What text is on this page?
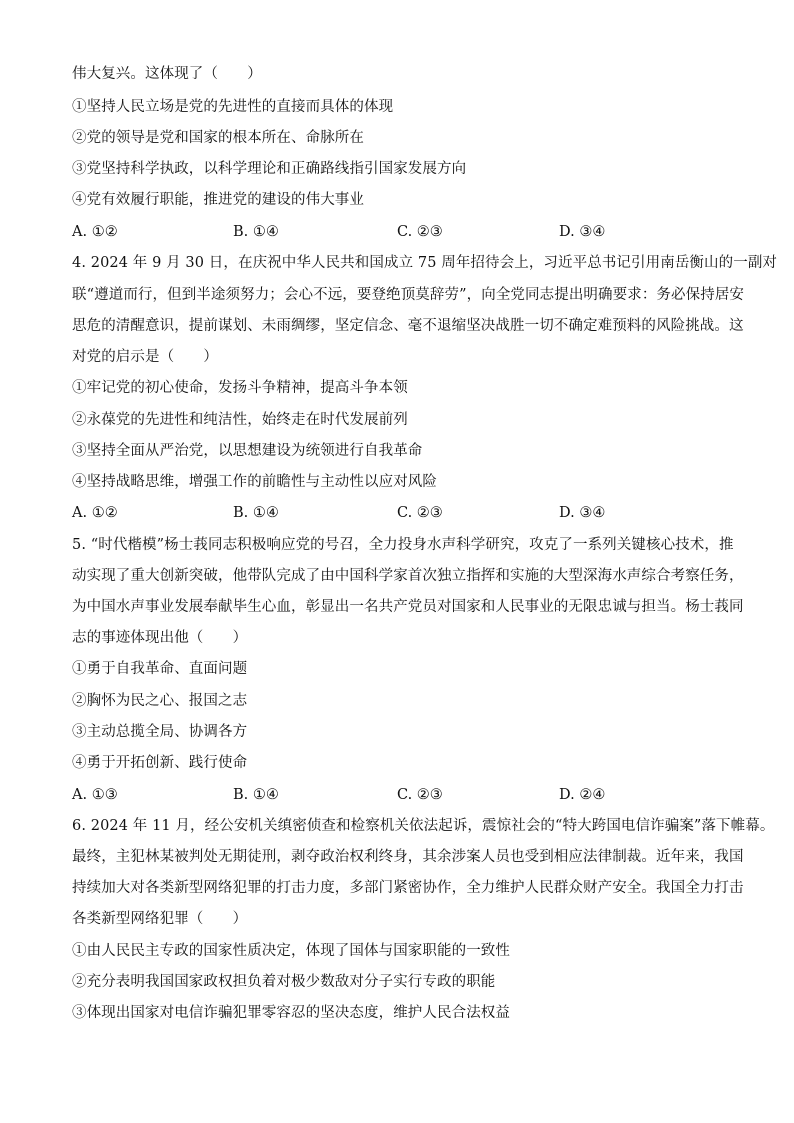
伟大复兴。这体现了（　　）
①坚持人民立场是党的先进性的直接而具体的体现
②党的领导是党和国家的根本所在、命脉所在
③党坚持科学执政，以科学理论和正确路线指引国家发展方向
④党有效履行职能，推进党的建设的伟大事业
A. ①②	B. ①④	C. ②③	D. ③④
4. 2024 年 9 月 30 日，在庆祝中华人民共和国成立 75 周年招待会上，习近平总书记引用南岳衡山的一副对
联“遵道而行，但到半途须努力；会心不远，要登绝顶莫辞劳”，向全党同志提出明确要求：务必保持居安
思危的清醒意识，提前谋划、未雨绸缪，坚定信念、毫不退缩坚决战胜一切不确定难预料的风险挑战。这
对党的启示是（　　）
①牢记党的初心使命，发扬斗争精神，提高斗争本领
②永葆党的先进性和纯洁性，始终走在时代发展前列
③坚持全面从严治党，以思想建设为统领进行自我革命
④坚持战略思维，增强工作的前瞻性与主动性以应对风险
A. ①②	B. ①④	C. ②③	D. ③④
5. “时代楷模”杨士莪同志积极响应党的号召，全力投身水声科学研究，攻克了一系列关键核心技术，推
动实现了重大创新突破，他带队完成了由中国科学家首次独立指挥和实施的大型深海水声综合考察任务，
为中国水声事业发展奉献毕生心血，彰显出一名共产党员对国家和人民事业的无限忠诚与担当。杨士莪同
志的事迹体现出他（　　）
①勇于自我革命、直面问题
②胸怀为民之心、报国之志
③主动总揽全局、协调各方
④勇于开拓创新、践行使命
A. ①③	B. ①④	C. ②③	D. ②④
6. 2024 年 11 月，经公安机关缜密侦查和检察机关依法起诉，震惊社会的“特大跨国电信诈骗案”落下帷幕。
最终，主犯林某被判处无期徒刑，剥夺政治权利终身，其余涉案人员也受到相应法律制裁。近年来，我国
持续加大对各类新型网络犯罪的打击力度，多部门紧密协作，全力维护人民群众财产安全。我国全力打击
各类新型网络犯罪（　　）
①由人民民主专政的国家性质决定，体现了国体与国家职能的一致性
②充分表明我国国家政权担负着对极少数敌对分子实行专政的职能
③体现出国家对电信诈骗犯罪零容忍的坚决态度，维护人民合法权益
